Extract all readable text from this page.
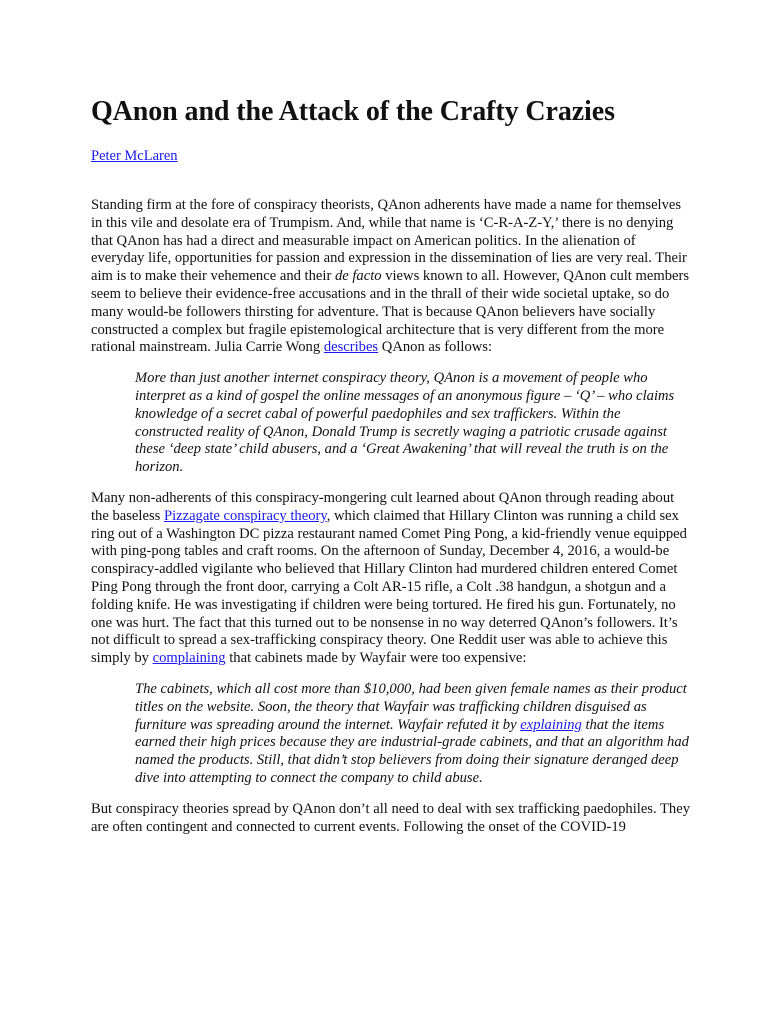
QAnon and the Attack of the Crafty Crazies
Peter McLaren

Standing firm at the fore of conspiracy theorists, QAnon adherents have made a name for themselves in this vile and desolate era of Trumpism. And, while that name is ‘C-R-A-Z-Y,’ there is no denying that QAnon has had a direct and measurable impact on American politics. In the alienation of everyday life, opportunities for passion and expression in the dissemination of lies are very real. Their aim is to make their vehemence and their de facto views known to all. However, QAnon cult members seem to believe their evidence-free accusations and in the thrall of their wide societal uptake, so do many would-be followers thirsting for adventure. That is because QAnon believers have socially constructed a complex but fragile epistemological architecture that is very different from the more rational mainstream. Julia Carrie Wong describes QAnon as follows:

More than just another internet conspiracy theory, QAnon is a movement of people who interpret as a kind of gospel the online messages of an anonymous figure – ‘Q’ – who claims knowledge of a secret cabal of powerful paedophiles and sex traffickers. Within the constructed reality of QAnon, Donald Trump is secretly waging a patriotic crusade against these ‘deep state’ child abusers, and a ‘Great Awakening’ that will reveal the truth is on the horizon.

Many non-adherents of this conspiracy-mongering cult learned about QAnon through reading about the baseless Pizzagate conspiracy theory, which claimed that Hillary Clinton was running a child sex ring out of a Washington DC pizza restaurant named Comet Ping Pong, a kid-friendly venue equipped with ping-pong tables and craft rooms. On the afternoon of Sunday, December 4, 2016, a would-be conspiracy-addled vigilante who believed that Hillary Clinton had murdered children entered Comet Ping Pong through the front door, carrying a Colt AR-15 rifle, a Colt .38 handgun, a shotgun and a folding knife. He was investigating if children were being tortured. He fired his gun. Fortunately, no one was hurt. The fact that this turned out to be nonsense in no way deterred QAnon’s followers. It’s not difficult to spread a sex-trafficking conspiracy theory. One Reddit user was able to achieve this simply by complaining that cabinets made by Wayfair were too expensive:

The cabinets, which all cost more than $10,000, had been given female names as their product titles on the website. Soon, the theory that Wayfair was trafficking children disguised as furniture was spreading around the internet. Wayfair refuted it by explaining that the items earned their high prices because they are industrial-grade cabinets, and that an algorithm had named the products. Still, that didn’t stop believers from doing their signature deranged deep dive into attempting to connect the company to child abuse.

But conspiracy theories spread by QAnon don’t all need to deal with sex trafficking paedophiles. They are often contingent and connected to current events. Following the onset of the COVID-19
